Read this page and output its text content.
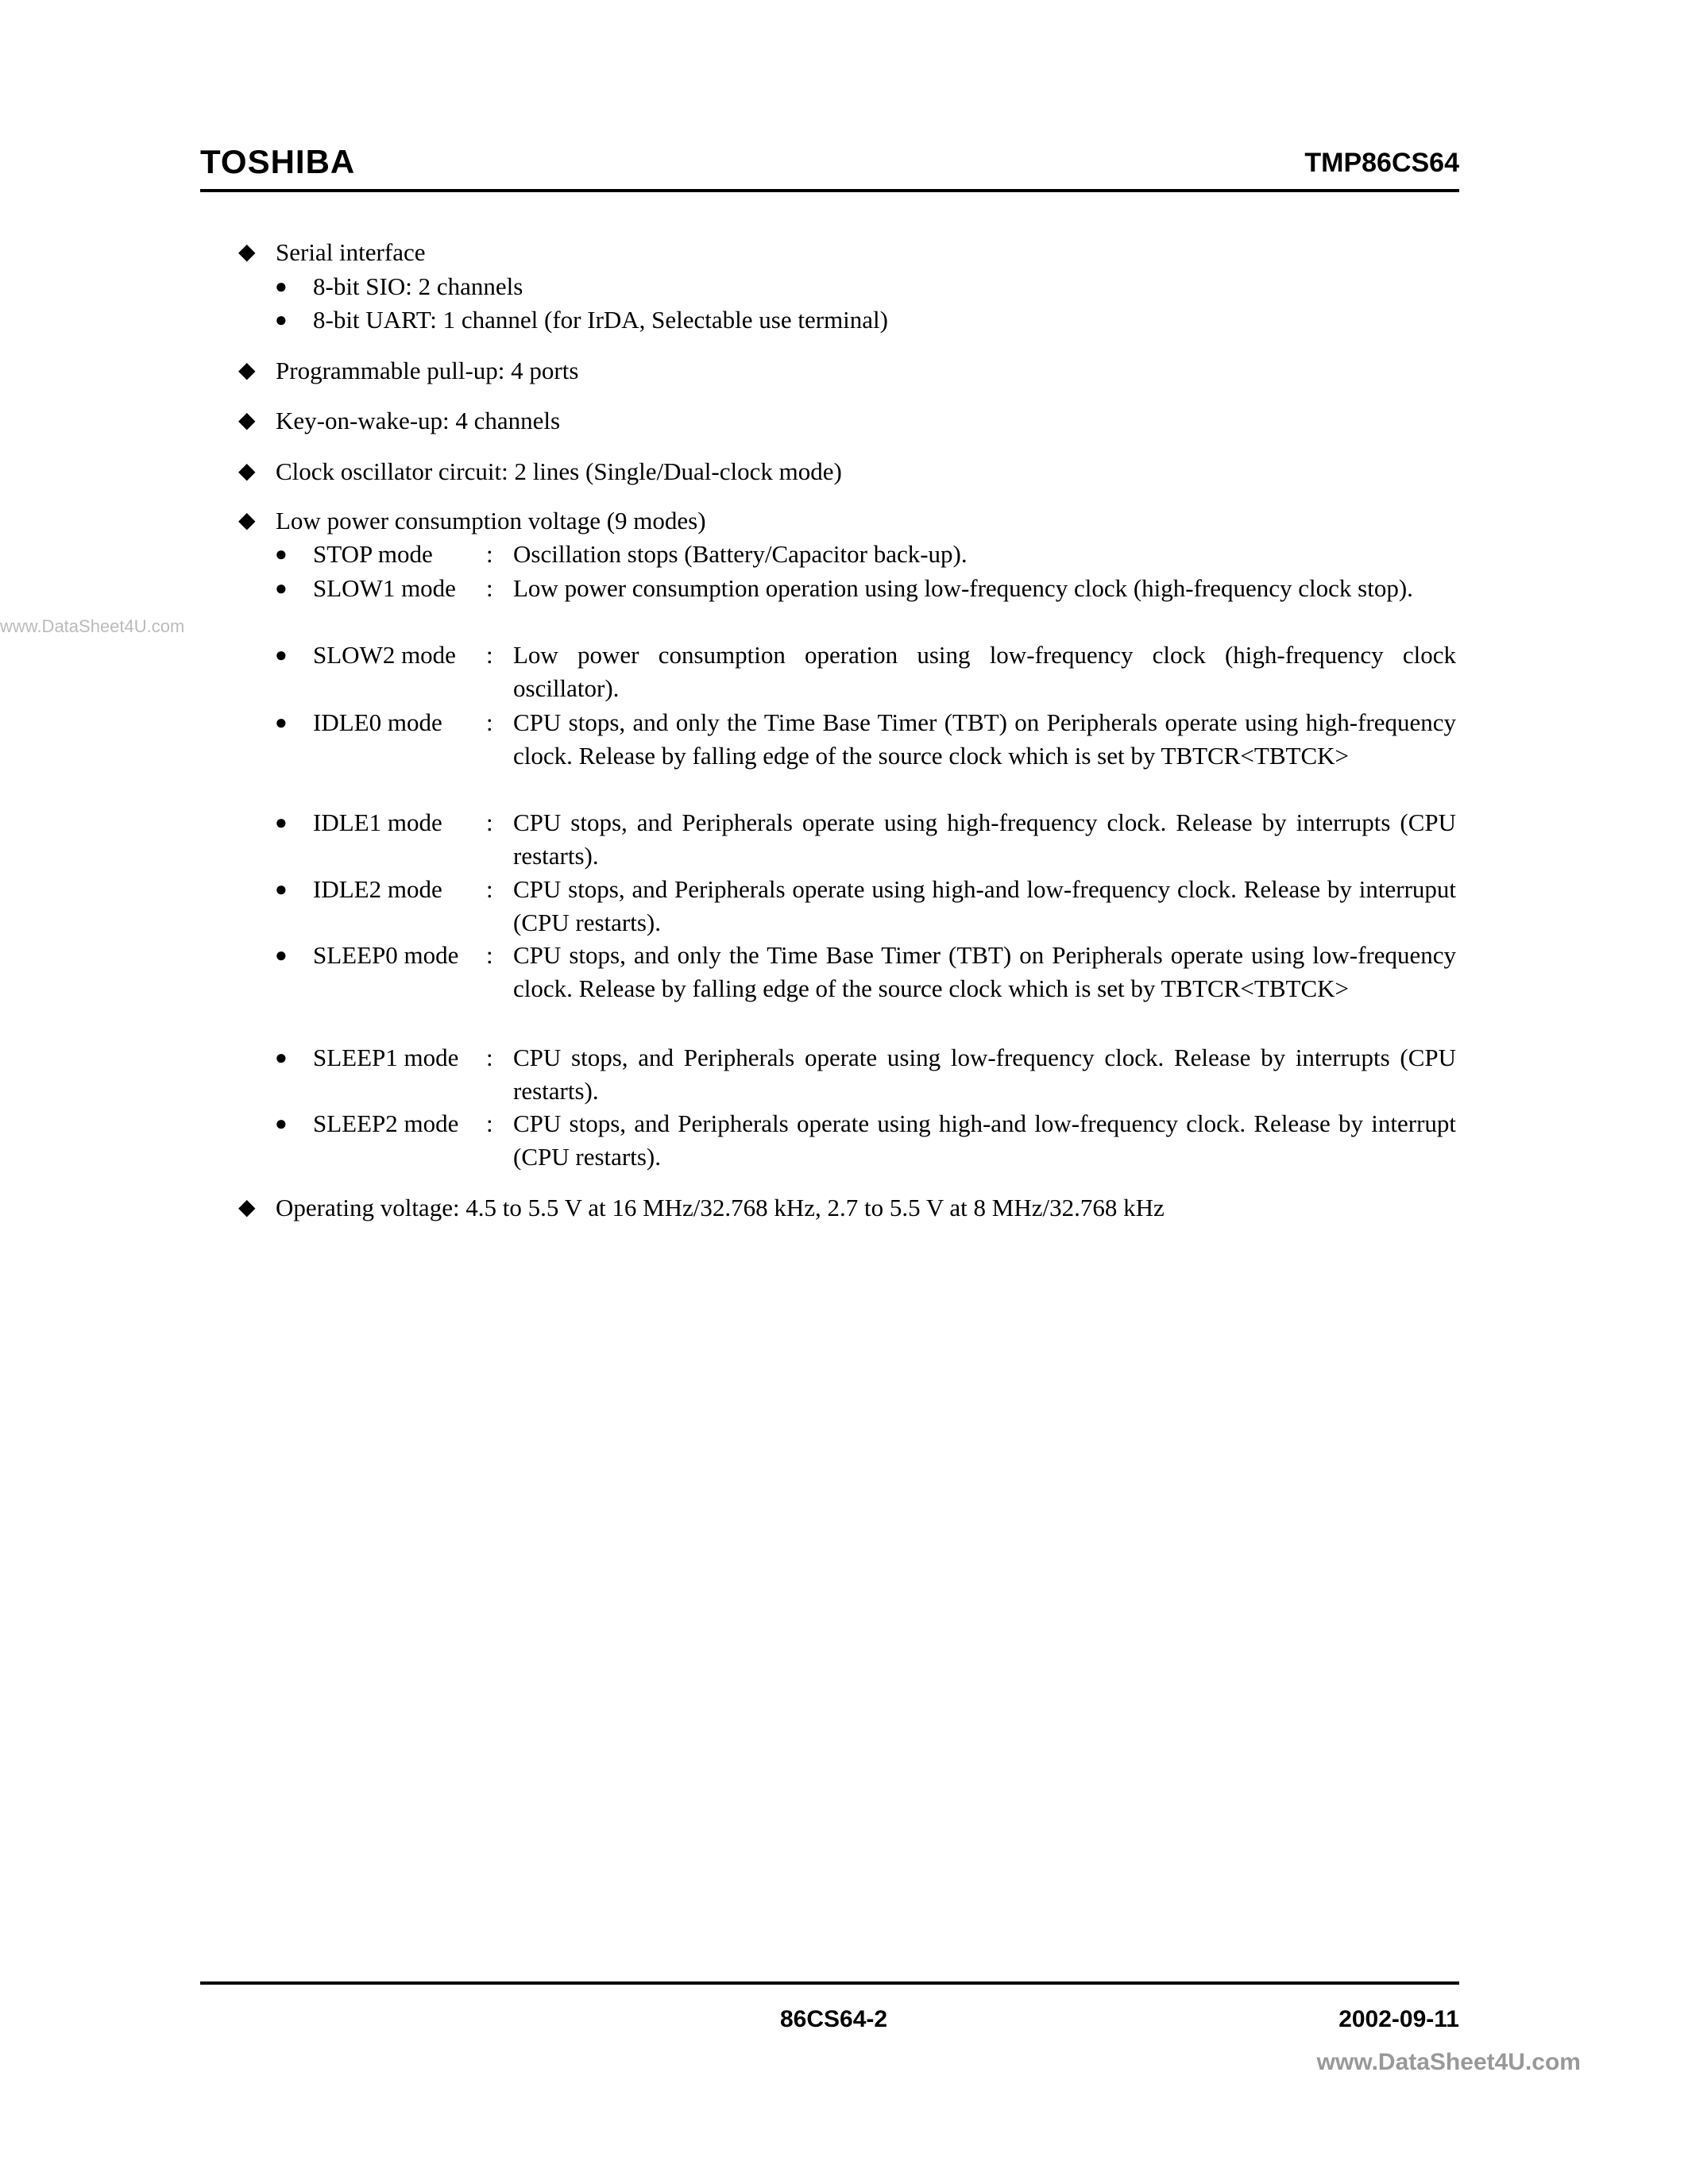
TOSHIBA	TMP86CS64
www.DataSheet4U.com
◆ Serial interface
● 8-bit SIO: 2 channels
● 8-bit UART: 1 channel (for IrDA, Selectable use terminal)
◆ Programmable pull-up: 4 ports
◆ Key-on-wake-up: 4 channels
◆ Clock oscillator circuit: 2 lines (Single/Dual-clock mode)
◆ Low power consumption voltage (9 modes)
● STOP mode : Oscillation stops (Battery/Capacitor back-up).
● SLOW1 mode : Low power consumption operation using low-frequency clock (high-frequency clock stop).
● SLOW2 mode : Low power consumption operation using low-frequency clock (high-frequency clock oscillator).
● IDLE0 mode : CPU stops, and only the Time Base Timer (TBT) on Peripherals operate using high-frequency clock. Release by falling edge of the source clock which is set by TBTCR<TBTCK>
● IDLE1 mode : CPU stops, and Peripherals operate using high-frequency clock. Release by interrupts (CPU restarts).
● IDLE2 mode : CPU stops, and Peripherals operate using high-and low-frequency clock. Release by interruput (CPU restarts).
● SLEEP0 mode : CPU stops, and only the Time Base Timer (TBT) on Peripherals operate using low-frequency clock. Release by falling edge of the source clock which is set by TBTCR<TBTCK>
● SLEEP1 mode : CPU stops, and Peripherals operate using low-frequency clock. Release by interrupts (CPU restarts).
● SLEEP2 mode : CPU stops, and Peripherals operate using high-and low-frequency clock. Release by interrupt (CPU restarts).
◆ Operating voltage: 4.5 to 5.5 V at 16 MHz/32.768 kHz, 2.7 to 5.5 V at 8 MHz/32.768 kHz
86CS64-2	2002-09-11
www.DataSheet4U.com
